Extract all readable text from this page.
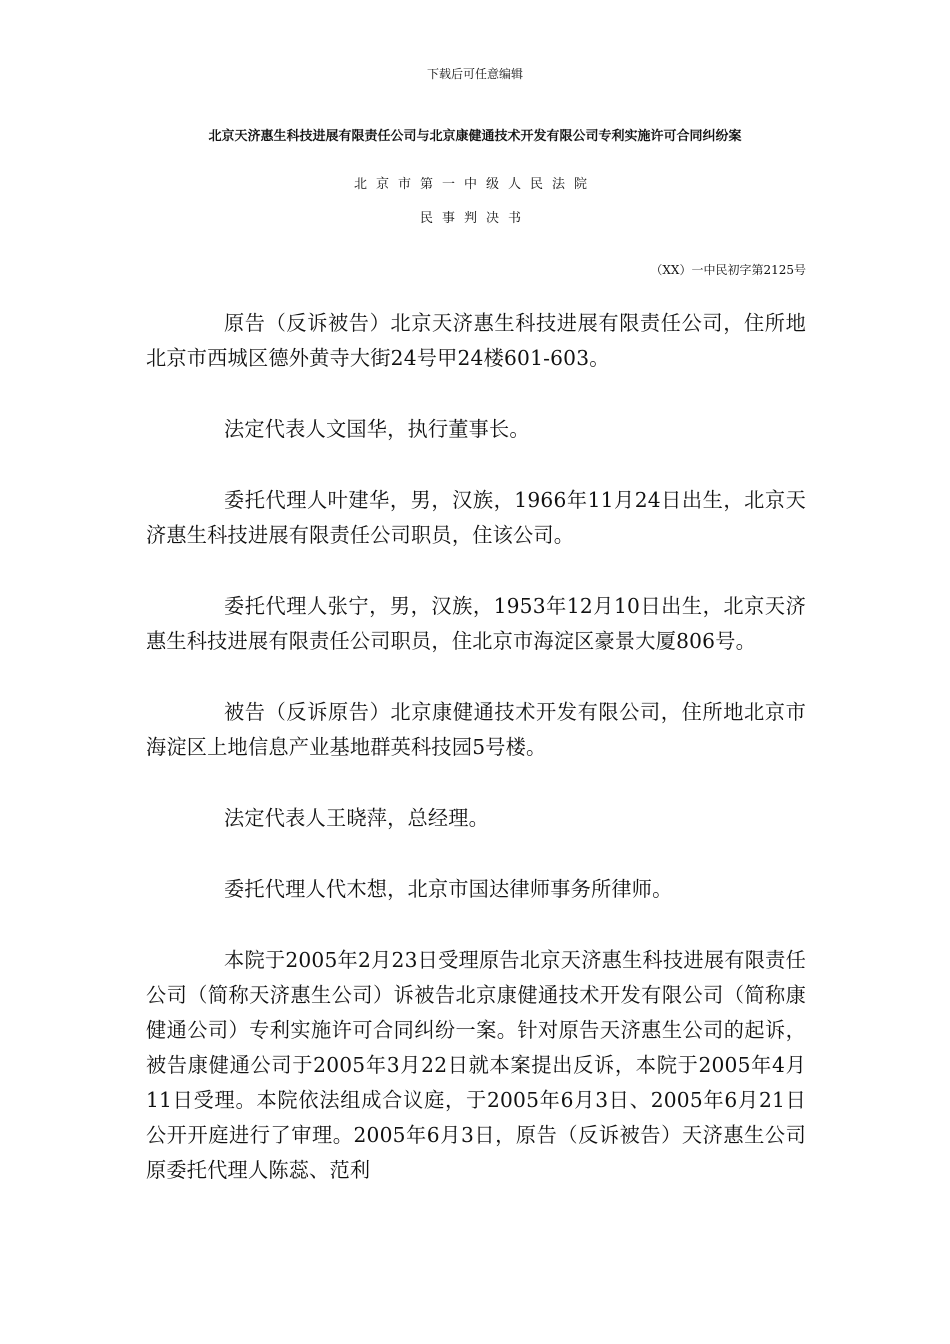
下载后可任意编辑
北京天济惠生科技进展有限责任公司与北京康健通技术开发有限公司专利实施许可合同纠纷案
北京市第一中级人民法院
民事判决书
（XX）一中民初字第2125号

原告（反诉被告）北京天济惠生科技进展有限责任公司，住所地北京市西城区德外黄寺大街24号甲24楼601-603。

法定代表人文国华，执行董事长。

委托代理人叶建华，男，汉族，1966年11月24日出生，北京天济惠生科技进展有限责任公司职员，住该公司。

委托代理人张宁，男，汉族，1953年12月10日出生，北京天济惠生科技进展有限责任公司职员，住北京市海淀区豪景大厦806号。

被告（反诉原告）北京康健通技术开发有限公司，住所地北京市海淀区上地信息产业基地群英科技园5号楼。

法定代表人王晓萍，总经理。

委托代理人代木想，北京市国达律师事务所律师。

本院于2005年2月23日受理原告北京天济惠生科技进展有限责任公司（简称天济惠生公司）诉被告北京康健通技术开发有限公司（简称康健通公司）专利实施许可合同纠纷一案。针对原告天济惠生公司的起诉，被告康健通公司于2005年3月22日就本案提出反诉，本院于2005年4月11日受理。本院依法组成合议庭，于2005年6月3日、2005年6月21日公开开庭进行了审理。2005年6月3日，原告（反诉被告）天济惠生公司原委托代理人陈蕊、范利
